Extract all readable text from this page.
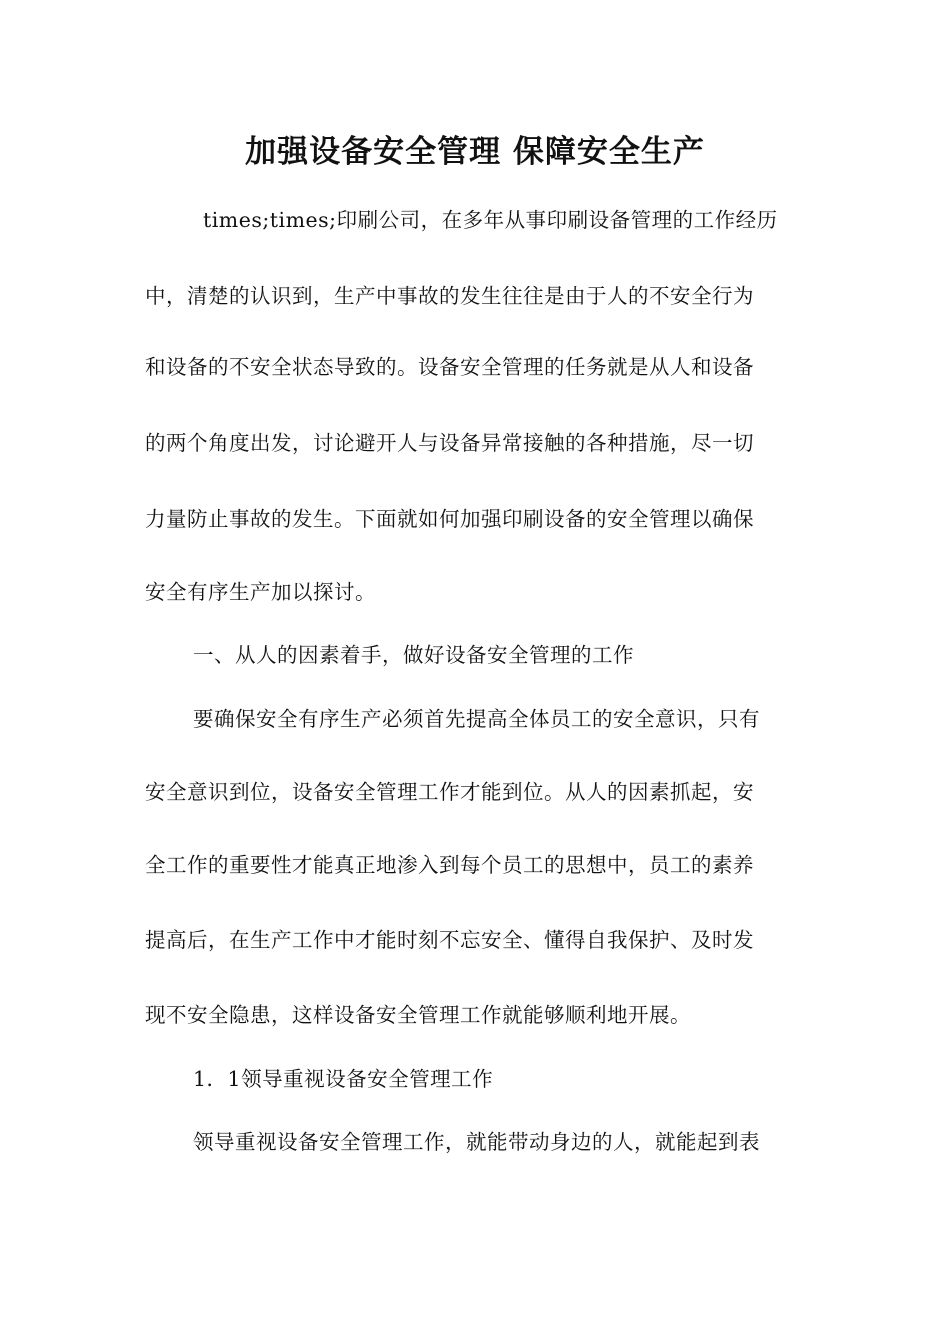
加强设备安全管理 保障安全生产
times;times;印刷公司，在多年从事印刷设备管理的工作经历
中，清楚的认识到，生产中事故的发生往往是由于人的不安全行为
和设备的不安全状态导致的。设备安全管理的任务就是从人和设备
的两个角度出发，讨论避开人与设备异常接触的各种措施，尽一切
力量防止事故的发生。下面就如何加强印刷设备的安全管理以确保
安全有序生产加以探讨。
一、从人的因素着手，做好设备安全管理的工作
要确保安全有序生产必须首先提高全体员工的安全意识，只有
安全意识到位，设备安全管理工作才能到位。从人的因素抓起，安
全工作的重要性才能真正地渗入到每个员工的思想中，员工的素养
提高后，在生产工作中才能时刻不忘安全、懂得自我保护、及时发
现不安全隐患，这样设备安全管理工作就能够顺利地开展。
1．1领导重视设备安全管理工作
领导重视设备安全管理工作，就能带动身边的人，就能起到表
